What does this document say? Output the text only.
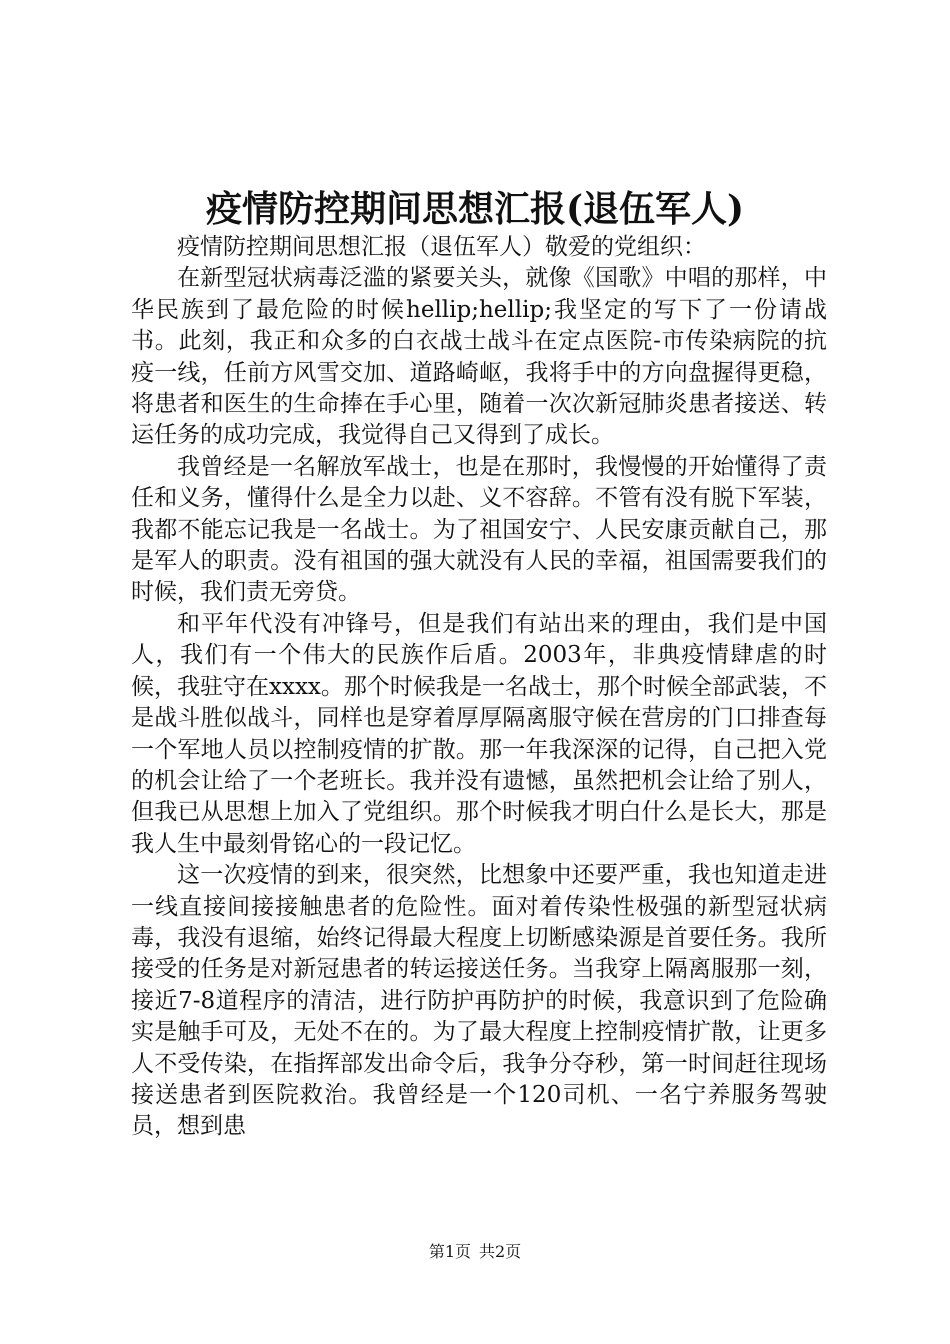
疫情防控期间思想汇报(退伍军人)

疫情防控期间思想汇报（退伍军人）敬爱的党组织：

在新型冠状病毒泛滥的紧要关头，就像《国歌》中唱的那样，中华民族到了最危险的时候hellip;hellip;我坚定的写下了一份请战书。此刻，我正和众多的白衣战士战斗在定点医院-市传染病院的抗疫一线，任前方风雪交加、道路崎岖，我将手中的方向盘握得更稳，将患者和医生的生命捧在手心里，随着一次次新冠肺炎患者接送、转运任务的成功完成，我觉得自己又得到了成长。

我曾经是一名解放军战士，也是在那时，我慢慢的开始懂得了责任和义务，懂得什么是全力以赴、义不容辞。不管有没有脱下军装，我都不能忘记我是一名战士。为了祖国安宁、人民安康贡献自己，那是军人的职责。没有祖国的强大就没有人民的幸福，祖国需要我们的时候，我们责无旁贷。

和平年代没有冲锋号，但是我们有站出来的理由，我们是中国人，我们有一个伟大的民族作后盾。2003年，非典疫情肆虐的时候，我驻守在xxxx。那个时候我是一名战士，那个时候全部武装，不是战斗胜似战斗，同样也是穿着厚厚隔离服守候在营房的门口排查每一个军地人员以控制疫情的扩散。那一年我深深的记得，自己把入党的机会让给了一个老班长。我并没有遗憾，虽然把机会让给了别人，但我已从思想上加入了党组织。那个时候我才明白什么是长大，那是我人生中最刻骨铭心的一段记忆。

这一次疫情的到来，很突然，比想象中还要严重，我也知道走进一线直接间接接触患者的危险性。面对着传染性极强的新型冠状病毒，我没有退缩，始终记得最大程度上切断感染源是首要任务。我所接受的任务是对新冠患者的转运接送任务。当我穿上隔离服那一刻，接近7-8道程序的清洁，进行防护再防护的时候，我意识到了危险确实是触手可及，无处不在的。为了最大程度上控制疫情扩散，让更多人不受传染，在指挥部发出命令后，我争分夺秒，第一时间赶往现场接送患者到医院救治。我曾经是一个120司机、一名宁养服务驾驶员，想到患

第1页 共2页
